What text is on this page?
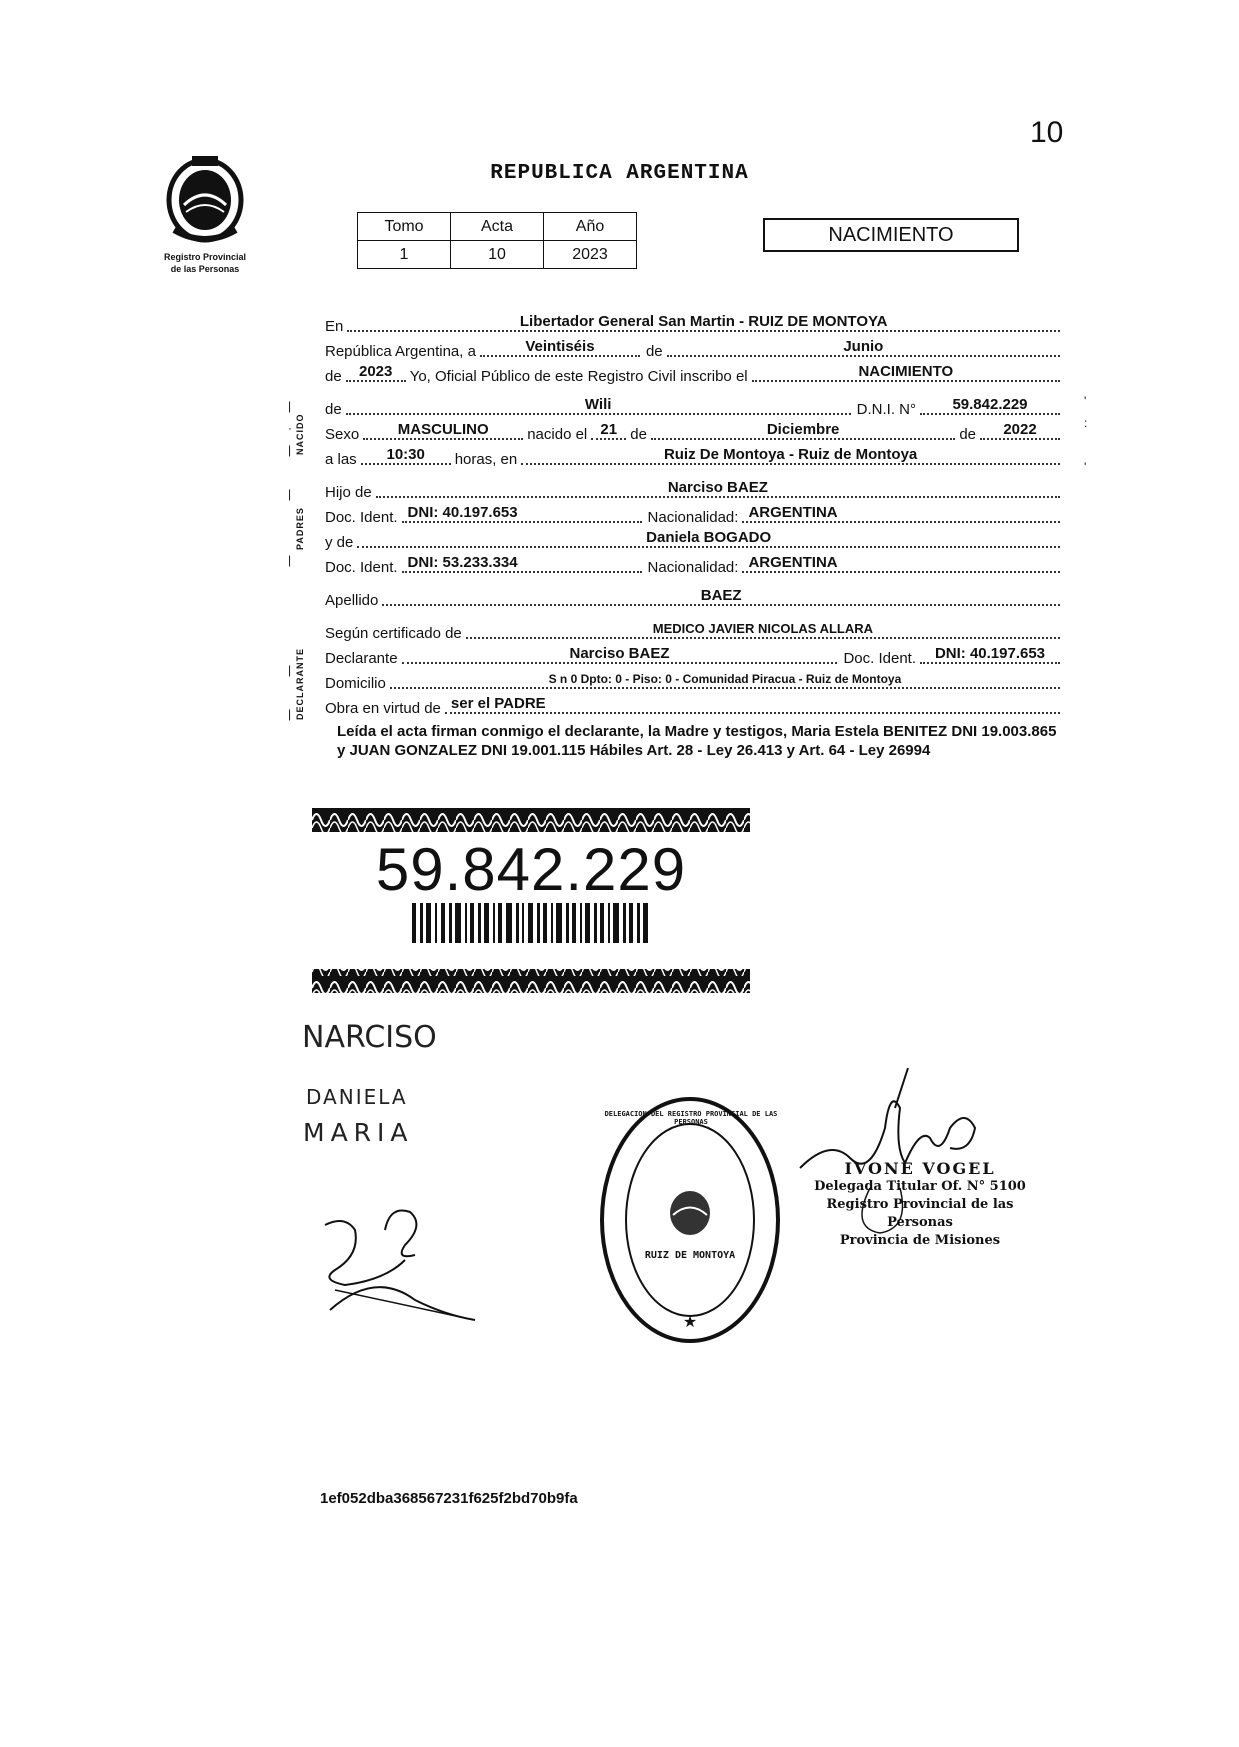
10
Registro Provincial
de las Personas
REPUBLICA ARGENTINA
Tomo	Acta	Año
1	10	2023
NACIMIENTO
NACIDO
PADRES
DECLARANTE
|
·
|

|

|

|

|
'
:

'
En	Libertador General San Martin - RUIZ DE MONTOYA
República Argentina, a	Veintiséis	de	Junio
de	2023	Yo, Oficial Público de este Registro Civil inscribo el	NACIMIENTO
de	Wili	D.N.I. N°	59.842.229
Sexo	MASCULINO	nacido el 21 de	Diciembre	de	2022
a las	10:30	horas, en	Ruiz De Montoya - Ruiz de Montoya
Hijo de	Narciso BAEZ
Doc. Ident. DNI: 40.197.653	Nacionalidad: ARGENTINA
y de	Daniela BOGADO
Doc. Ident. DNI: 53.233.334	Nacionalidad: ARGENTINA
Apellido	BAEZ
Según certificado de	MEDICO JAVIER NICOLAS ALLARA
Declarante	Narciso BAEZ	Doc. Ident.	DNI: 40.197.653
Domicilio	S n 0 Dpto: 0 - Piso: 0 - Comunidad Piracua - Ruiz de Montoya
Obra en virtud de ser el PADRE
Leída el acta firman conmigo el declarante, la Madre y testigos, Maria Estela BENITEZ DNI 19.003.865 y JUAN GONZALEZ DNI 19.001.115 Hábiles Art. 28 - Ley 26.413 y Art. 64 - Ley 26994
59.842.229
NARCISO
DANIELA
MARIA
★
RUIZ DE MONTOYA
DELEGACION DEL REGISTRO PROVINCIAL DE LAS PERSONAS
IVONE VOGEL
Delegada Titular Of. N° 5100
Registro Provincial de las Personas
Provincia de Misiones
1ef052dba368567231f625f2bd70b9fa
